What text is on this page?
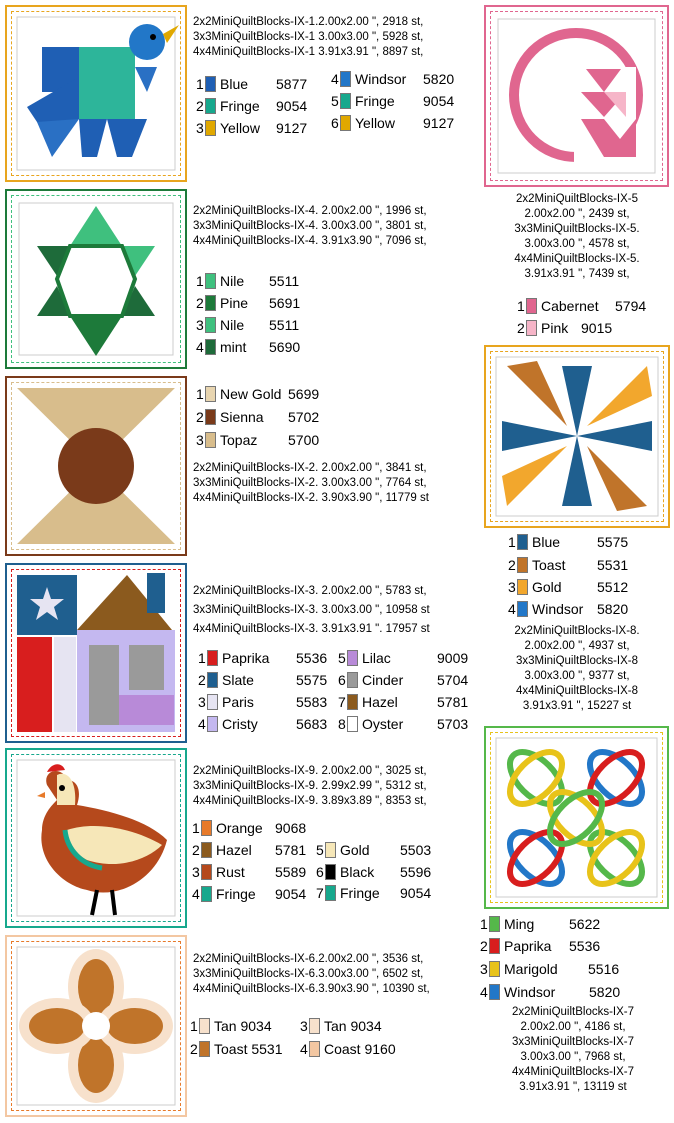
2x2MiniQuiltBlocks-IX-1.2.00x2.00 ", 2918 st,
3x3MiniQuiltBlocks-IX-1 3.00x3.00 ", 5928 st,
4x4MiniQuiltBlocks-IX-1 3.91x3.91 ", 8897 st,
1 Blue 5877
2 Fringe 9054
3 Yellow 9127
4 Windsor 5820
5 Fringe 9054
6 Yellow 9127
2x2MiniQuiltBlocks-IX-5
2.00x2.00 ", 2439 st,
3x3MiniQuiltBlocks-IX-5.
3.00x3.00 ", 4578 st,
4x4MiniQuiltBlocks-IX-5.
3.91x3.91 ", 7439 st,
1 Cabernet 5794
2 Pink 9015
2x2MiniQuiltBlocks-IX-4. 2.00x2.00 ", 1996 st,
3x3MiniQuiltBlocks-IX-4. 3.00x3.00 ", 3801 st,
4x4MiniQuiltBlocks-IX-4. 3.91x3.90 ", 7096 st,
1 Nile 5511
2 Pine 5691
3 Nile 5511
4 mint 5690
1 New Gold 5699
2 Sienna 5702
3 Topaz 5700
2x2MiniQuiltBlocks-IX-2. 2.00x2.00 ", 3841 st,
3x3MiniQuiltBlocks-IX-2. 3.00x3.00 ", 7764 st,
4x4MiniQuiltBlocks-IX-2. 3.90x3.90 ", 11779 st
1 Blue	5575
2 Toast 5531
3 Gold	5512
4 Windsor 5820
2x2MiniQuiltBlocks-IX-8.
2.00x2.00 ", 4937 st,
3x3MiniQuiltBlocks-IX-8
3.00x3.00 ", 9377 st,
4x4MiniQuiltBlocks-IX-8
3.91x3.91 ", 15227 st
2x2MiniQuiltBlocks-IX-3. 2.00x2.00 ", 5783 st,
3x3MiniQuiltBlocks-IX-3. 3.00x3.00 ", 10958 st
4x4MiniQuiltBlocks-IX-3. 3.91x3.91 ". 17957 st
1 Paprika 5536
2 Slate	5575
3 Paris	5583
4 Cristy	5683
5 Lilac	9009
6 Cinder 5704
7 Hazel	5781
8 Oyster 5703
2x2MiniQuiltBlocks-IX-9. 2.00x2.00 ", 3025 st,
3x3MiniQuiltBlocks-IX-9. 2.99x2.99 ", 5312 st,
4x4MiniQuiltBlocks-IX-9. 3.89x3.89 ", 8353 st,
1 Orange 9068
2 Hazel 5781
3 Rust 5589
4 Fringe 9054
5 Gold 5503
6 Black 5596
7 Fringe 9054
1 Ming 5622
2 Paprika 5536
3 Marigold 5516
4 Windsor 5820
2x2MiniQuiltBlocks-IX-7
2.00x2.00 ", 4186 st,
3x3MiniQuiltBlocks-IX-7
3.00x3.00 ", 7968 st,
4x4MiniQuiltBlocks-IX-7
3.91x3.91 ", 13119 st
2x2MiniQuiltBlocks-IX-6.2.00x2.00 ", 3536 st,
3x3MiniQuiltBlocks-IX-6.3.00x3.00 ", 6502 st,
4x4MiniQuiltBlocks-IX-6.3.90x3.90 ", 10390 st,
1 Tan 9034
2 Toast 5531
3 Tan 9034
4 Coast 9160
